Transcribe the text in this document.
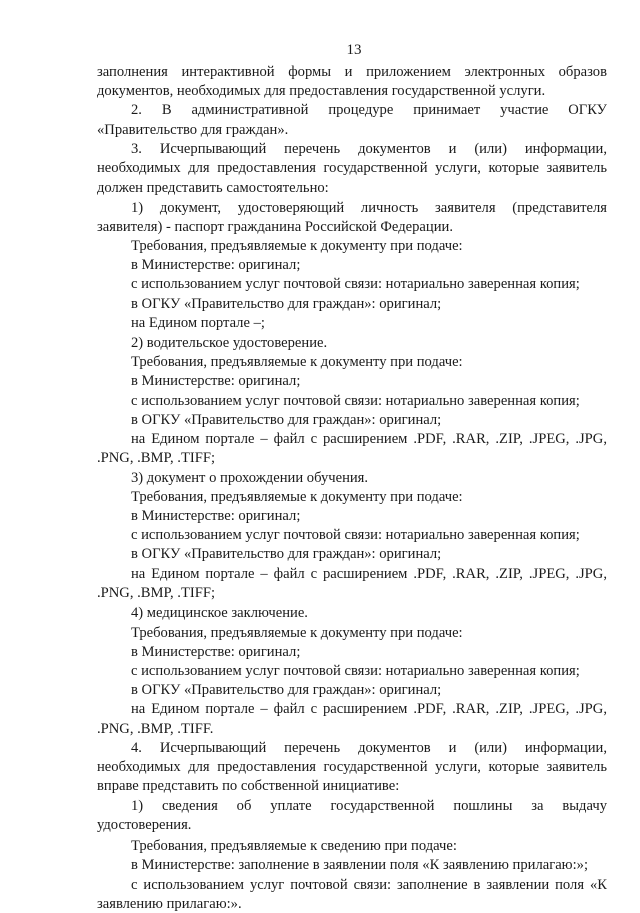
13
заполнения интерактивной формы и приложением электронных образов
документов, необходимых для предоставления государственной услуги.
2. В административной процедуре принимает участие ОГКУ
«Правительство для граждан».
3. Исчерпывающий перечень документов и (или) информации,
необходимых для предоставления государственной услуги, которые заявитель
должен представить самостоятельно:
1) документ, удостоверяющий личность заявителя (представителя
заявителя) - паспорт гражданина Российской Федерации.
Требования, предъявляемые к документу при подаче:
в Министерстве: оригинал;
с использованием услуг почтовой связи: нотариально заверенная копия;
в ОГКУ «Правительство для граждан»: оригинал;
на Едином портале –;
2) водительское удостоверение.
Требования, предъявляемые к документу при подаче:
в Министерстве: оригинал;
с использованием услуг почтовой связи: нотариально заверенная копия;
в ОГКУ «Правительство для граждан»: оригинал;
на Едином портале – файл с расширением .PDF, .RAR, .ZIP, .JPEG, .JPG,
.PNG, .BMP, .TIFF;
3) документ о прохождении обучения.
Требования, предъявляемые к документу при подаче:
в Министерстве: оригинал;
с использованием услуг почтовой связи: нотариально заверенная копия;
в ОГКУ «Правительство для граждан»: оригинал;
на Едином портале – файл с расширением .PDF, .RAR, .ZIP, .JPEG, .JPG,
.PNG, .BMP, .TIFF;
4) медицинское заключение.
Требования, предъявляемые к документу при подаче:
в Министерстве: оригинал;
с использованием услуг почтовой связи: нотариально заверенная копия;
в ОГКУ «Правительство для граждан»: оригинал;
на Едином портале – файл с расширением .PDF, .RAR, .ZIP, .JPEG, .JPG,
.PNG, .BMP, .TIFF.
4. Исчерпывающий перечень документов и (или) информации,
необходимых для предоставления государственной услуги, которые заявитель
вправе представить по собственной инициативе:
1) сведения об уплате государственной пошлины за выдачу
удостоверения.
Требования, предъявляемые к сведению при подаче:
в Министерстве: заполнение в заявлении поля «К заявлению прилагаю:»;
с использованием услуг почтовой связи: заполнение в заявлении поля «К
заявлению прилагаю:».
